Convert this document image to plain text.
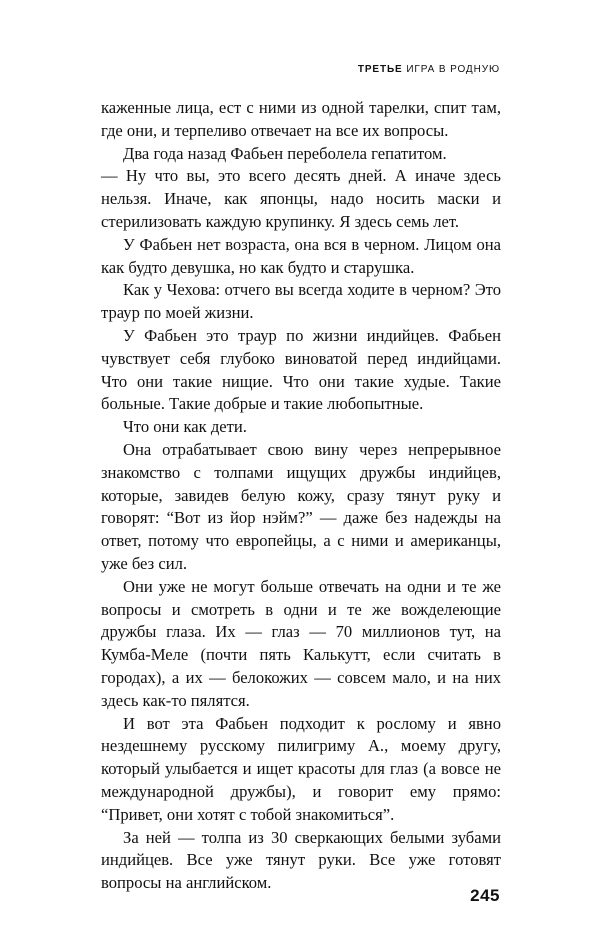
ТРЕТЬЕ ИГРА В РОДНУЮ

каженные лица, ест с ними из одной тарелки, спит там, где они, и терпеливо отвечает на все их вопросы.

Два года назад Фабьен переболела гепатитом.

— Ну что вы, это всего десять дней. А иначе здесь нельзя. Иначе, как японцы, надо носить маски и стерилизовать каждую крупинку. Я здесь семь лет.

У Фабьен нет возраста, она вся в черном. Лицом она как будто девушка, но как будто и старушка.

Как у Чехова: отчего вы всегда ходите в черном? Это траур по моей жизни.

У Фабьен это траур по жизни индийцев. Фабьен чувствует себя глубоко виноватой перед индийцами. Что они такие нищие. Что они такие худые. Такие больные. Такие добрые и такие любопытные.

Что они как дети.

Она отрабатывает свою вину через непрерывное знакомство с толпами ищущих дружбы индийцев, которые, завидев белую кожу, сразу тянут руку и говорят: “Вот из йор нэйм?” — даже без надежды на ответ, потому что европейцы, а с ними и американцы, уже без сил.

Они уже не могут больше отвечать на одни и те же вопросы и смотреть в одни и те же вожделеющие дружбы глаза. Их — глаз — 70 миллионов тут, на Кумба-Меле (почти пять Калькутт, если считать в городах), а их — белокожих — совсем мало, и на них здесь как-то пялятся.

И вот эта Фабьен подходит к рослому и явно нездешнему русскому пилигриму А., моему другу, который улыбается и ищет красоты для глаз (а вовсе не международной дружбы), и говорит ему прямо: “Привет, они хотят с тобой знакомиться”.

За ней — толпа из 30 сверкающих белыми зубами индийцев. Все уже тянут руки. Все уже готовят вопросы на английском.

245
